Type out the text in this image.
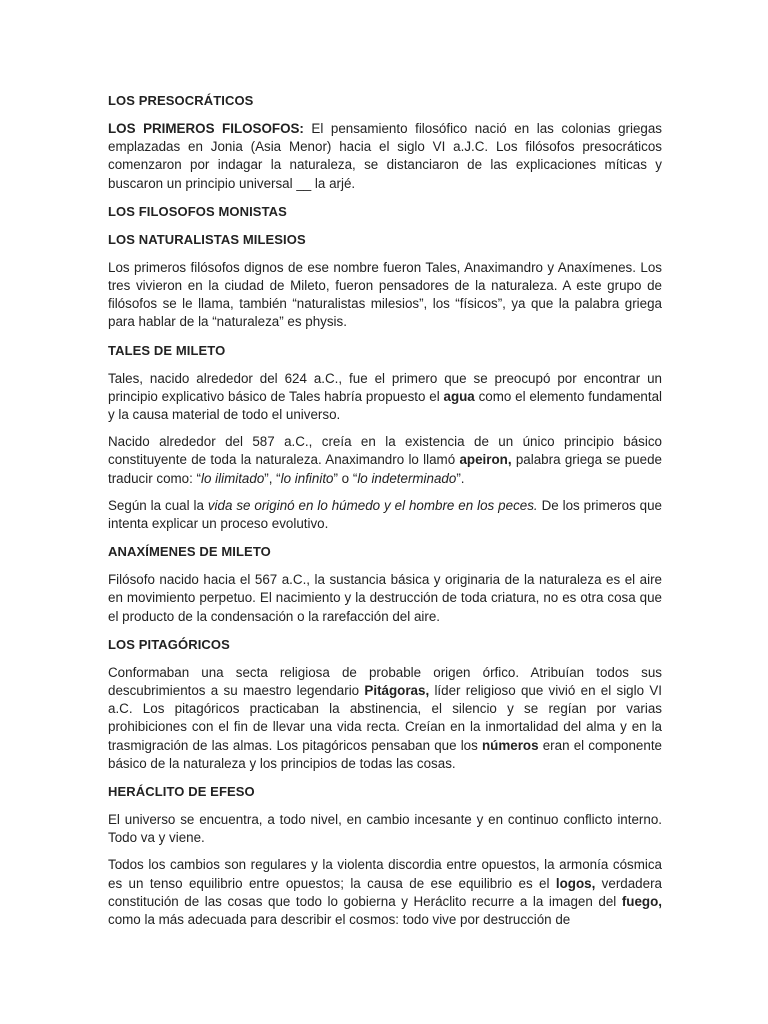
LOS PRESOCRÁTICOS

LOS PRIMEROS FILOSOFOS: El pensamiento filosófico nació en las colonias griegas emplazadas en Jonia (Asia Menor) hacia el siglo VI a.J.C. Los filósofos presocráticos comenzaron por indagar la naturaleza, se distanciaron de las explicaciones míticas y buscaron un principio universal __ la arjé.

LOS FILOSOFOS MONISTAS
LOS NATURALISTAS MILESIOS

Los primeros filósofos dignos de ese nombre fueron Tales, Anaximandro y Anaxímenes. Los tres vivieron en la ciudad de Mileto, fueron pensadores de la naturaleza. A este grupo de filósofos se le llama, también “naturalistas milesios”, los “físicos”, ya que la palabra griega para hablar de la “naturaleza” es physis.

TALES DE MILETO

Tales, nacido alrededor del 624 a.C., fue el primero que se preocupó por encontrar un principio explicativo básico de Tales habría propuesto el agua como el elemento fundamental y la causa material de todo el universo.

Nacido alrededor del 587 a.C., creía en la existencia de un único principio básico constituyente de toda la naturaleza. Anaximandro lo llamó apeiron, palabra griega se puede traducir como: “lo ilimitado”, “lo infinito” o “lo indeterminado”.

Según la cual la vida se originó en lo húmedo y el hombre en los peces. De los primeros que intenta explicar un proceso evolutivo.

ANAXÍMENES DE MILETO

Filósofo nacido hacia el 567 a.C., la sustancia básica y originaria de la naturaleza es el aire en movimiento perpetuo. El nacimiento y la destrucción de toda criatura, no es otra cosa que el producto de la condensación o la rarefacción del aire.

LOS PITAGÓRICOS

Conformaban una secta religiosa de probable origen órfico. Atribuían todos sus descubrimientos a su maestro legendario Pitágoras, líder religioso que vivió en el siglo VI a.C. Los pitagóricos practicaban la abstinencia, el silencio y se regían por varias prohibiciones con el fin de llevar una vida recta. Creían en la inmortalidad del alma y en la trasmigración de las almas. Los pitagóricos pensaban que los números eran el componente básico de la naturaleza y los principios de todas las cosas.

HERÁCLITO DE EFESO

El universo se encuentra, a todo nivel, en cambio incesante y en continuo conflicto interno. Todo va y viene.

Todos los cambios son regulares y la violenta discordia entre opuestos, la armonía cósmica es un tenso equilibrio entre opuestos; la causa de ese equilibrio es el logos, verdadera constitución de las cosas que todo lo gobierna y Heráclito recurre a la imagen del fuego, como la más adecuada para describir el cosmos: todo vive por destrucción de
